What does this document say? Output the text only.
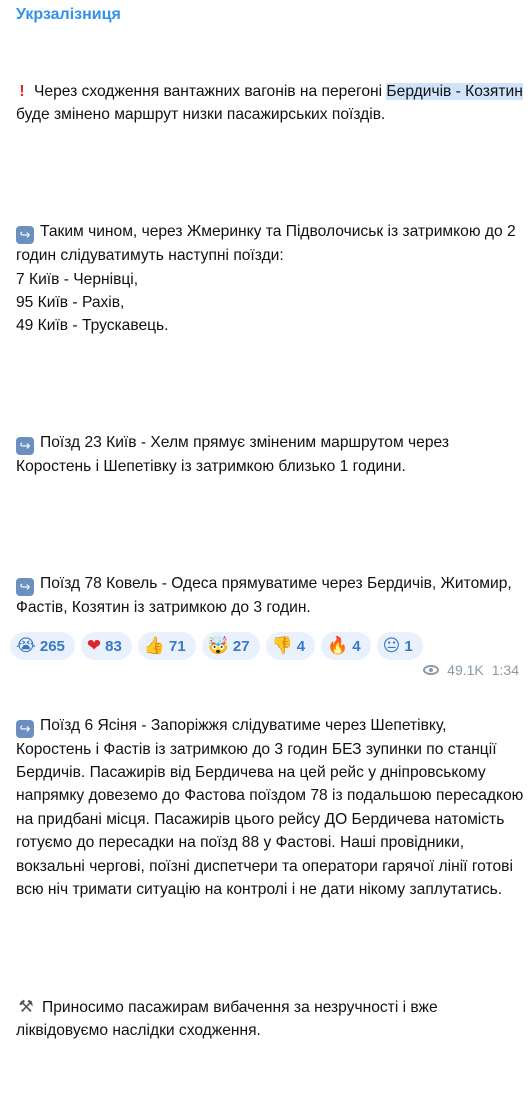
Укрзалізниця

! Через сходження вантажних вагонів на перегоні Бердичів - Козятин буде змінено маршрут низки пасажирських поїздів.

↪ Таким чином, через Жмеринку та Підволочиськ із затримкою до 2 годин слідуватимуть наступні поїзди:
7 Київ - Чернівці,
95 Київ - Рахів,
49 Київ - Трускавець.

↪ Поїзд 23 Київ - Хелм прямує зміненим маршрутом через Коростень і Шепетівку із затримкою близько 1 години.

↪ Поїзд 78 Ковель - Одеса прямуватиме через Бердичів, Житомир, Фастів, Козятин із затримкою до 3 годин.

↪ Поїзд 6 Ясіня - Запоріжжя слідуватиме через Шепетівку, Коростень і Фастів із затримкою до 3 годин БЕЗ зупинки по станції Бердичів. Пасажирів від Бердичева на цей рейс у дніпровському напрямку довеземо до Фастова поїздом 78 із подальшою пересадкою на придбані місця. Пасажирів цього рейсу ДО Бердичева натомість готуємо до пересадки на поїзд 88 у Фастові. Наші провідники, вокзальні чергові, поїзні диспетчери та оператори гарячої лінії готові всю ніч тримати ситуацію на контролі і не дати нікому заплутатись.

⚒ Приносимо пасажирам вибачення за незручності і вже ліквідовуємо наслідки сходження.

😭 265 ❤ 83 👍 71 🤯 27 👎 4 🔥 4 😐 1
49.1K 1:34
